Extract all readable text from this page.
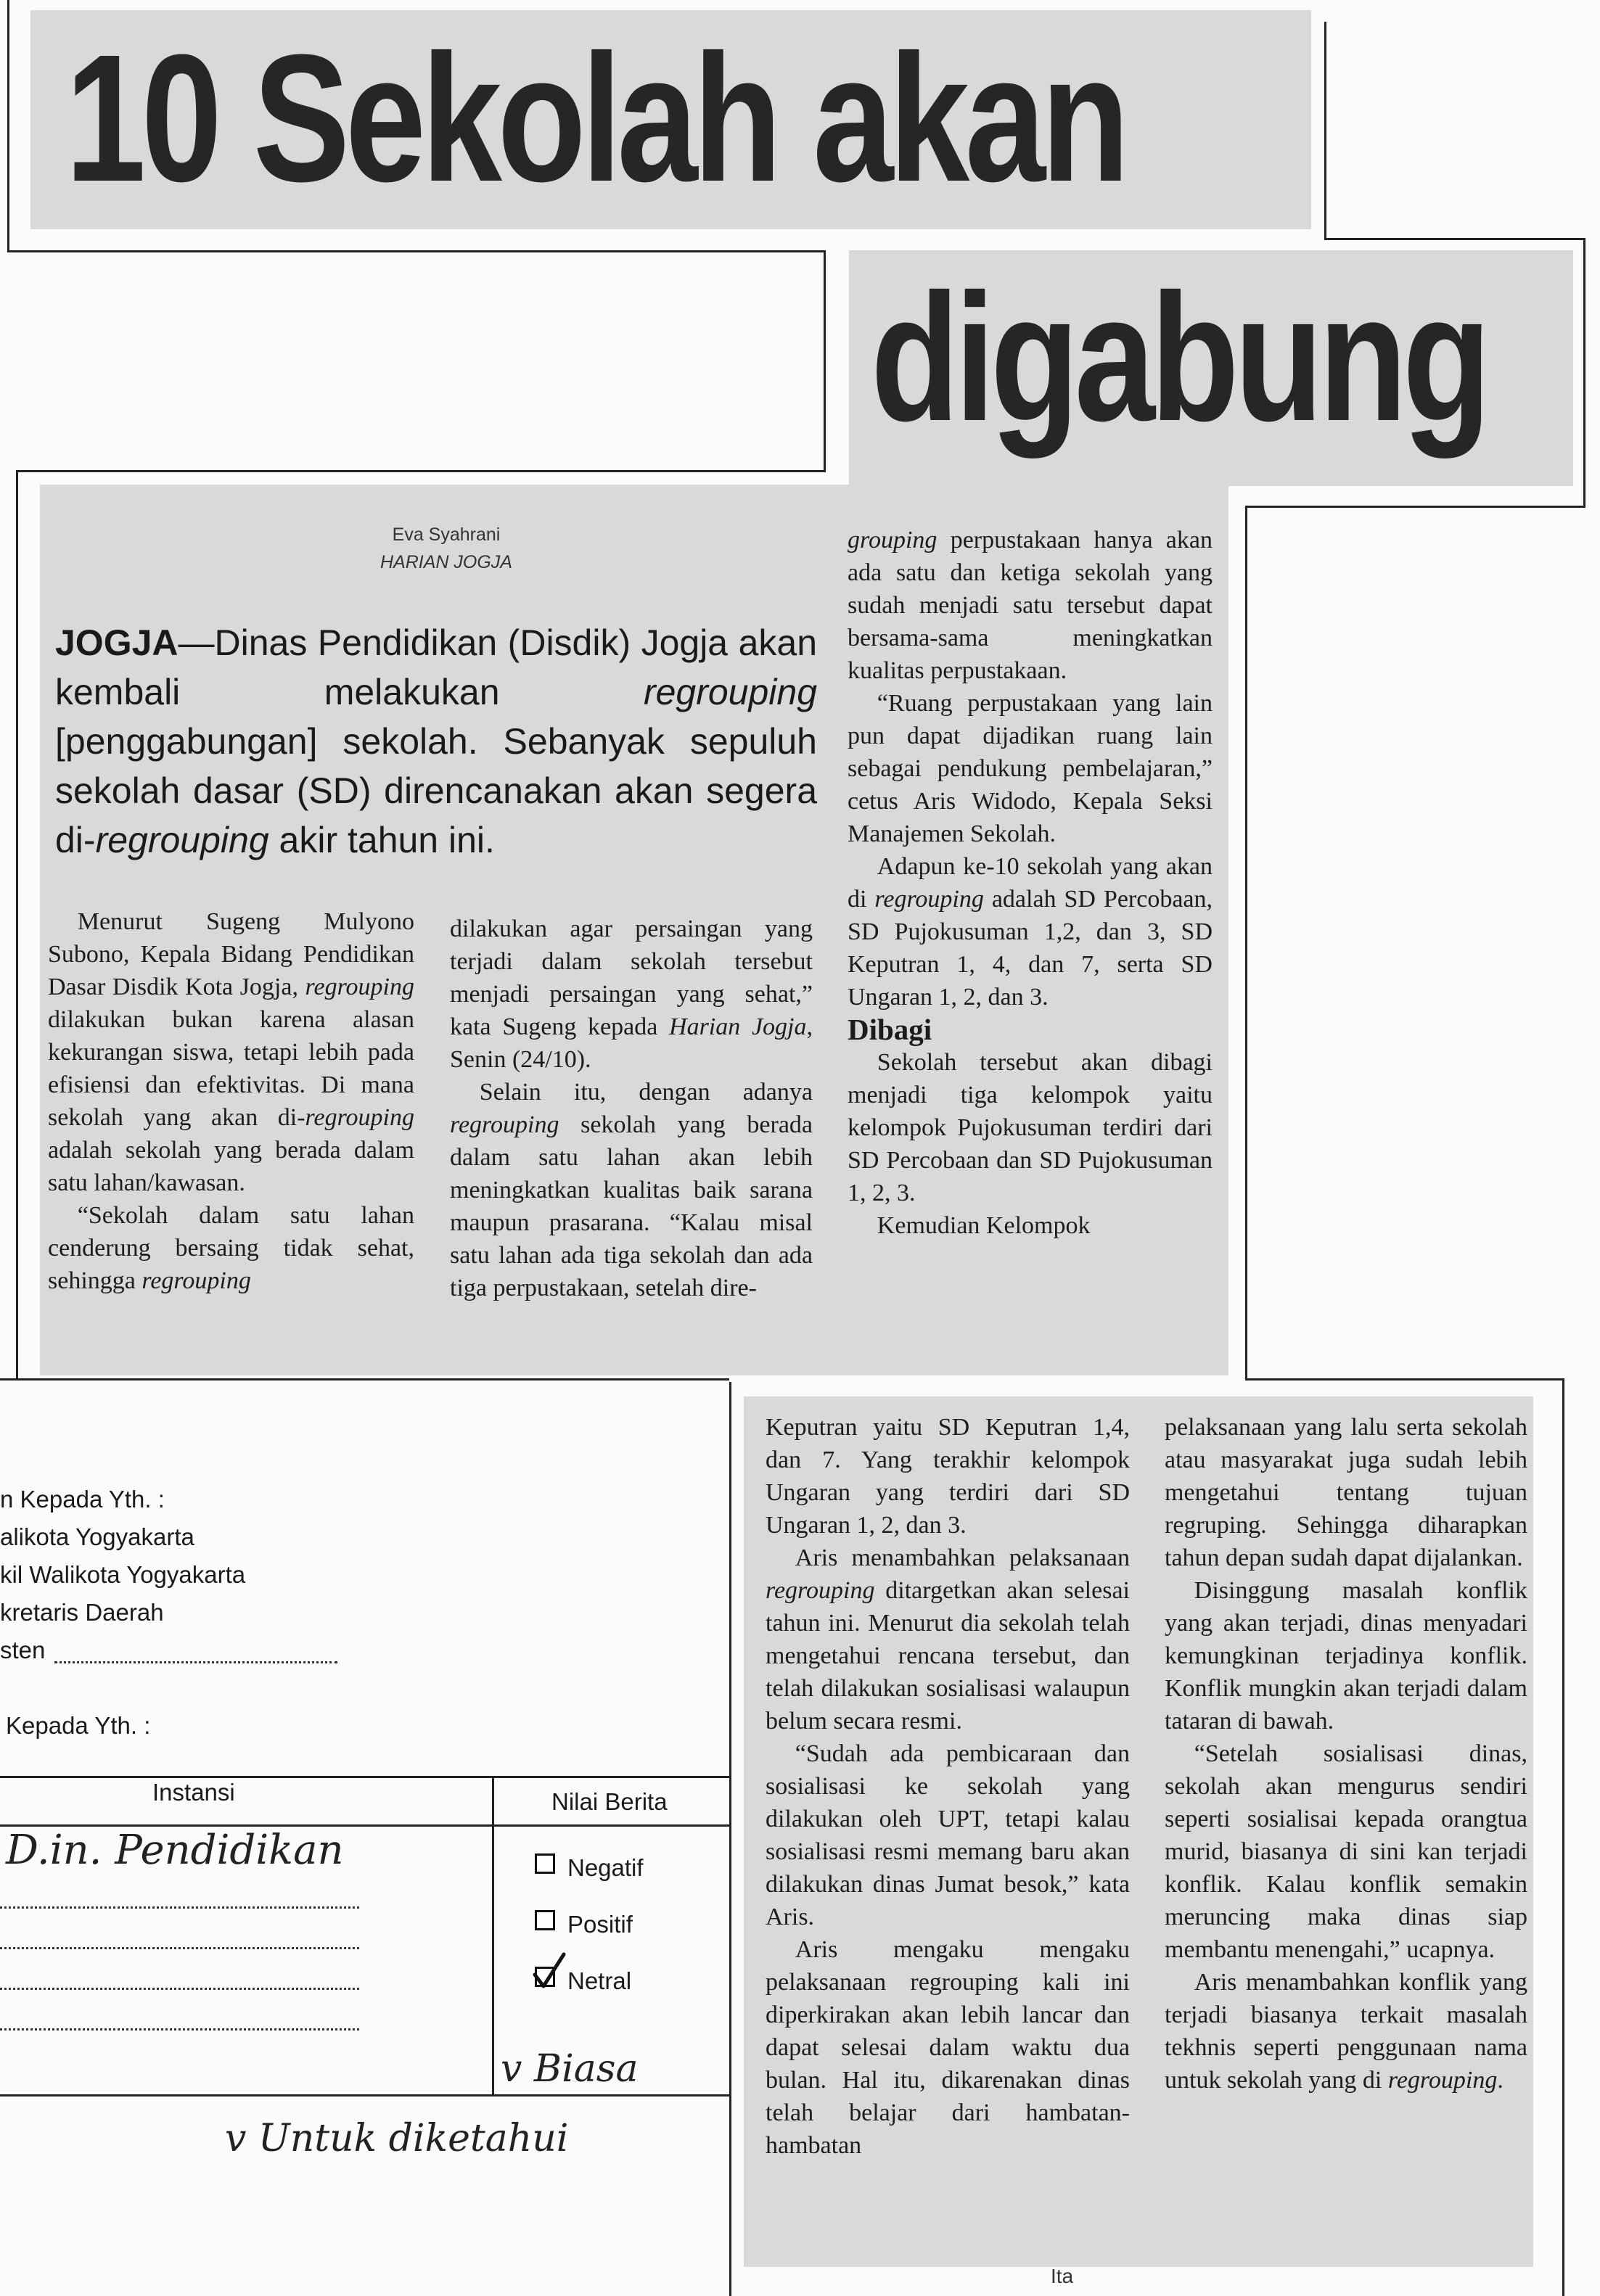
10 Sekolah akan
digabung
Eva Syahrani
HARIAN JOGJA
JOGJA—Dinas Pendidikan (Disdik) Jogja akan kembali melakukan regrouping [penggabungan] sekolah. Sebanyak sepuluh sekolah dasar (SD) direncanakan akan segera di-regrouping akir tahun ini.

Menurut Sugeng Mulyono Subono, Kepala Bidang Pendidikan Dasar Disdik Kota Jogja, regrouping dilakukan bukan karena alasan kekurangan siswa, tetapi lebih pada efisiensi dan efektivitas. Di mana sekolah yang akan di-regrouping adalah sekolah yang berada dalam satu lahan/kawasan.

“Sekolah dalam satu lahan cenderung bersaing tidak sehat, sehingga regrouping

dilakukan agar persaingan yang terjadi dalam sekolah tersebut menjadi persaingan yang sehat,” kata Sugeng kepada Harian Jogja, Senin (24/10).

Selain itu, dengan adanya regrouping sekolah yang berada dalam satu lahan akan lebih meningkatkan kualitas baik sarana maupun prasarana. “Kalau misal satu lahan ada tiga sekolah dan ada tiga perpustakaan, setelah dire-

grouping perpustakaan hanya akan ada satu dan ketiga sekolah yang sudah menjadi satu tersebut dapat bersama-sama meningkatkan kualitas perpustakaan.

“Ruang perpustakaan yang lain pun dapat dijadikan ruang lain sebagai pendukung pembelajaran,” cetus Aris Widodo, Kepala Seksi Manajemen Sekolah.

Adapun ke-10 sekolah yang akan di regrouping adalah SD Percobaan, SD Pujokusuman 1,2, dan 3, SD Keputran 1, 4, dan 7, serta SD Ungaran 1, 2, dan 3.

Dibagi

Sekolah tersebut akan dibagi menjadi tiga kelompok yaitu kelompok Pujokusuman terdiri dari SD Percobaan dan SD Pujokusuman 1, 2, 3.

Kemudian Kelompok

Keputran yaitu SD Keputran 1,4, dan 7. Yang terakhir kelompok Ungaran yang terdiri dari SD Ungaran 1, 2, dan 3.

Aris menambahkan pelaksanaan regrouping ditargetkan akan selesai tahun ini. Menurut dia sekolah telah mengetahui rencana tersebut, dan telah dilakukan sosialisasi walaupun belum secara resmi.

“Sudah ada pembicaraan dan sosialisasi ke sekolah yang dilakukan oleh UPT, tetapi kalau sosialisasi resmi memang baru akan dilakukan dinas Jumat besok,” kata Aris.

Aris mengaku mengaku pelaksanaan regrouping kali ini diperkirakan akan lebih lancar dan dapat selesai dalam waktu dua bulan. Hal itu, dikarenakan dinas telah belajar dari hambatan-hambatan

pelaksanaan yang lalu serta sekolah atau masyarakat juga sudah lebih mengetahui tentang tujuan regruping. Sehingga diharapkan tahun depan sudah dapat dijalankan.

Disinggung masalah konflik yang akan terjadi, dinas menyadari kemungkinan terjadinya konflik. Konflik mungkin akan terjadi dalam tataran di bawah.

“Setelah sosialisasi dinas, sekolah akan mengurus sendiri seperti sosialisai kepada orangtua murid, biasanya di sini kan terjadi konflik. Kalau konflik semakin meruncing maka dinas siap membantu menengahi,” ucapnya.

Aris menambahkan konflik yang terjadi biasanya terkait masalah tekhnis seperti penggunaan nama untuk sekolah yang di regrouping.

Ita
n Kepada Yth. :
alikota Yogyakarta
kil Walikota Yogyakarta
kretaris Daerah
sten
Kepada Yth. :
Instansi	Nilai Berita
D.in. Pendidikan	Negatif
Positif
Netral
v Biasa
v Untuk diketahui
